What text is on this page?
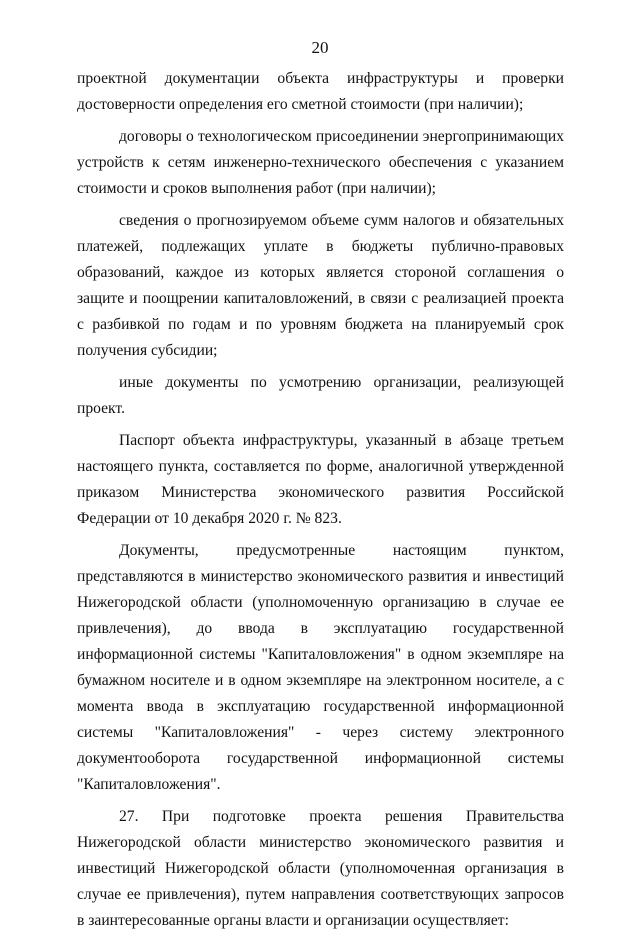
20

проектной документации объекта инфраструктуры и проверки достоверности определения его сметной стоимости (при наличии);

договоры о технологическом присоединении энергопринимающих устройств к сетям инженерно-технического обеспечения с указанием стоимости и сроков выполнения работ (при наличии);

сведения о прогнозируемом объеме сумм налогов и обязательных платежей, подлежащих уплате в бюджеты публично-правовых образований, каждое из которых является стороной соглашения о защите и поощрении капиталовложений, в связи с реализацией проекта с разбивкой по годам и по уровням бюджета на планируемый срок получения субсидии;

иные документы по усмотрению организации, реализующей проект.

Паспорт объекта инфраструктуры, указанный в абзаце третьем настоящего пункта, составляется по форме, аналогичной утвержденной приказом Министерства экономического развития Российской Федерации от 10 декабря 2020 г. № 823.

Документы, предусмотренные настоящим пунктом, представляются в министерство экономического развития и инвестиций Нижегородской области (уполномоченную организацию в случае ее привлечения), до ввода в эксплуатацию государственной информационной системы "Капиталовложения" в одном экземпляре на бумажном носителе и в одном экземпляре на электронном носителе, а с момента ввода в эксплуатацию государственной информационной системы "Капиталовложения" - через систему электронного документооборота государственной информационной системы "Капиталовложения".

27. При подготовке проекта решения Правительства Нижегородской области министерство экономического развития и инвестиций Нижегородской области (уполномоченная организация в случае ее привлечения), путем направления соответствующих запросов в заинтересованные органы власти и организации осуществляет:
